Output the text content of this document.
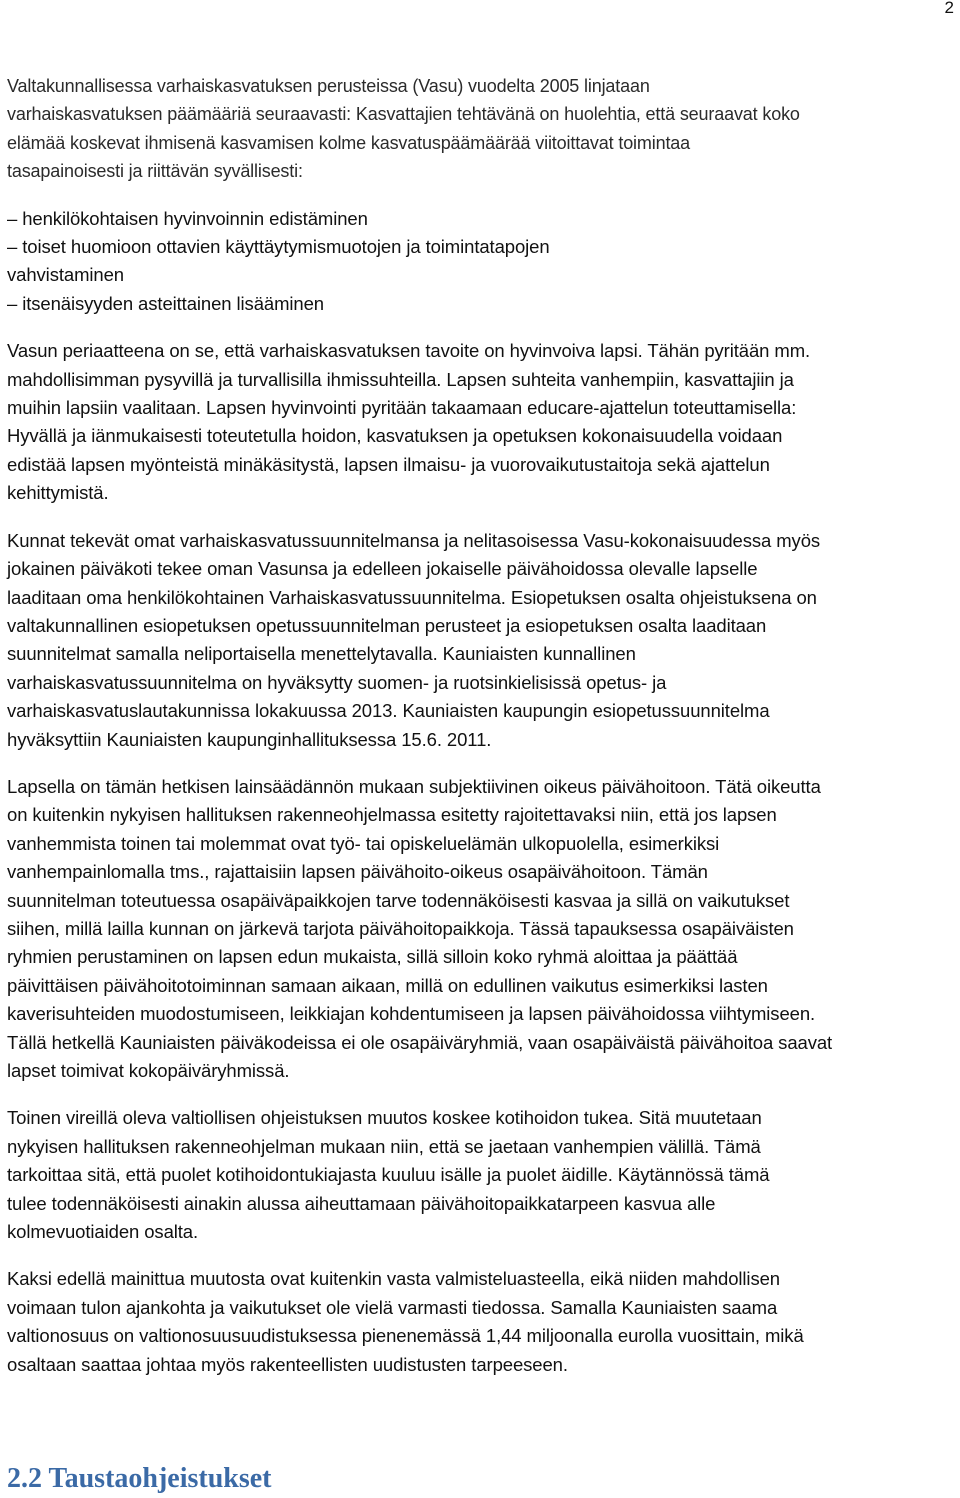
2

Valtakunnallisessa varhaiskasvatuksen perusteissa (Vasu) vuodelta 2005 linjataan

varhaiskasvatuksen päämääriä seuraavasti: Kasvattajien tehtävänä on huolehtia, että seuraavat koko

elämää koskevat ihmisenä kasvamisen kolme kasvatuspäämäärää viitoittavat toimintaa

tasapainoisesti ja riittävän syvällisesti:

– henkilökohtaisen hyvinvoinnin edistäminen

– toiset huomioon ottavien käyttäytymismuotojen ja toimintatapojen

vahvistaminen

– itsenäisyyden asteittainen lisääminen

Vasun periaatteena on se, että varhaiskasvatuksen tavoite on hyvinvoiva lapsi. Tähän pyritään mm.

mahdollisimman pysyvillä ja turvallisilla ihmissuhteilla. Lapsen suhteita vanhempiin, kasvattajiin ja

muihin lapsiin vaalitaan. Lapsen hyvinvointi pyritään takaamaan educare-ajattelun toteuttamisella:

Hyvällä ja iänmukaisesti toteutetulla hoidon, kasvatuksen ja opetuksen kokonaisuudella voidaan

edistää lapsen myönteistä minäkäsitystä, lapsen ilmaisu- ja vuorovaikutustaitoja sekä ajattelun

kehittymistä.

Kunnat tekevät omat varhaiskasvatussuunnitelmansa ja nelitasoisessa Vasu-kokonaisuudessa myös

jokainen päiväkoti tekee oman Vasunsa ja edelleen jokaiselle päivähoidossa olevalle lapselle

laaditaan oma henkilökohtainen Varhaiskasvatussuunnitelma. Esiopetuksen osalta ohjeistuksena on

valtakunnallinen esiopetuksen opetussuunnitelman perusteet ja esiopetuksen osalta laaditaan

suunnitelmat samalla neliportaisella menettelytavalla. Kauniaisten kunnallinen

varhaiskasvatussuunnitelma on hyväksytty suomen- ja ruotsinkielisissä opetus- ja

varhaiskasvatuslautakunnissa lokakuussa 2013. Kauniaisten kaupungin esiopetussuunnitelma

hyväksyttiin Kauniaisten kaupunginhallituksessa 15.6. 2011.

Lapsella on tämän hetkisen lainsäädännön mukaan subjektiivinen oikeus päivähoitoon. Tätä oikeutta

on kuitenkin nykyisen hallituksen rakenneohjelmassa esitetty rajoitettavaksi niin, että jos lapsen

vanhemmista toinen tai molemmat ovat työ- tai opiskeluelämän ulkopuolella, esimerkiksi

vanhempainlomalla tms., rajattaisiin lapsen päivähoito-oikeus osapäivähoitoon. Tämän

suunnitelman toteutuessa osapäiväpaikkojen tarve todennäköisesti kasvaa ja sillä on vaikutukset

siihen, millä lailla kunnan on järkevä tarjota päivähoitopaikkoja. Tässä tapauksessa osapäiväisten

ryhmien perustaminen on lapsen edun mukaista, sillä silloin koko ryhmä aloittaa ja päättää

päivittäisen päivähoitotoiminnan samaan aikaan, millä on edullinen vaikutus esimerkiksi lasten

kaverisuhteiden muodostumiseen, leikkiajan kohdentumiseen ja lapsen päivähoidossa viihtymiseen.

Tällä hetkellä Kauniaisten päiväkodeissa ei ole osapäiväryhmiä, vaan osapäiväistä päivähoitoa saavat

lapset toimivat kokopäiväryhmissä.

Toinen vireillä oleva valtiollisen ohjeistuksen muutos koskee kotihoidon tukea. Sitä muutetaan

nykyisen hallituksen rakenneohjelman mukaan niin, että se jaetaan vanhempien välillä. Tämä

tarkoittaa sitä, että puolet kotihoidontukiajasta kuuluu isälle ja puolet äidille. Käytännössä tämä

tulee todennäköisesti ainakin alussa aiheuttamaan päivähoitopaikkatarpeen kasvua alle

kolmevuotiaiden osalta.

Kaksi edellä mainittua muutosta ovat kuitenkin vasta valmisteluasteella, eikä niiden mahdollisen

voimaan tulon ajankohta ja vaikutukset ole vielä varmasti tiedossa. Samalla Kauniaisten saama

valtionosuus on valtionosuusuudistuksessa pienenemässä 1,44 miljoonalla eurolla vuosittain, mikä

osaltaan saattaa johtaa myös rakenteellisten uudistusten tarpeeseen.

2.2 Taustaohjeistukset
